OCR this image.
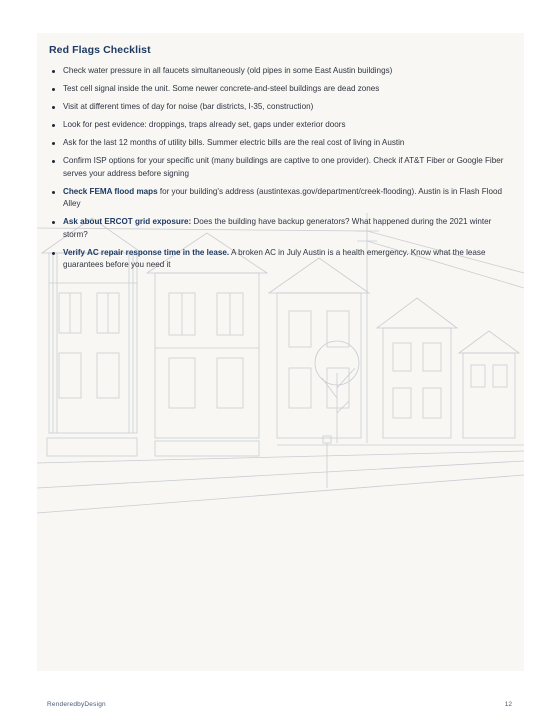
Red Flags Checklist
Check water pressure in all faucets simultaneously (old pipes in some East Austin buildings)
Test cell signal inside the unit. Some newer concrete-and-steel buildings are dead zones
Visit at different times of day for noise (bar districts, I-35, construction)
Look for pest evidence: droppings, traps already set, gaps under exterior doors
Ask for the last 12 months of utility bills. Summer electric bills are the real cost of living in Austin
Confirm ISP options for your specific unit (many buildings are captive to one provider). Check if AT&T Fiber or Google Fiber serves your address before signing
Check FEMA flood maps for your building's address (austintexas.gov/department/creek-flooding). Austin is in Flash Flood Alley
Ask about ERCOT grid exposure: Does the building have backup generators? What happened during the 2021 winter storm?
Verify AC repair response time in the lease. A broken AC in July Austin is a health emergency. Know what the lease guarantees before you need it
RenderedbyDesign	12
